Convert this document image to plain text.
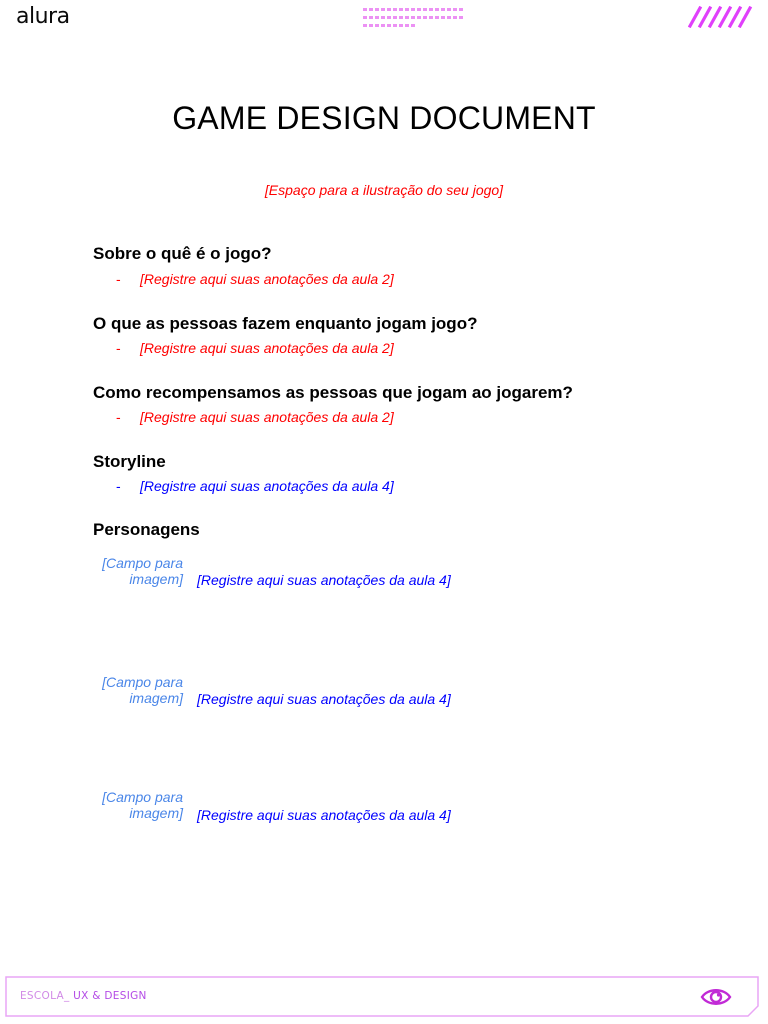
alura
GAME DESIGN DOCUMENT
[Espaço para a ilustração do seu jogo]
Sobre o quê é o jogo?
-	[Registre aqui suas anotações da aula 2]
O que as pessoas fazem enquanto jogam jogo?
-	[Registre aqui suas anotações da aula 2]
Como recompensamos as pessoas que jogam ao jogarem?
-	[Registre aqui suas anotações da aula 2]
Storyline
-	[Registre aqui suas anotações da aula 4]
Personagens
[Campo para
imagem] [Registre aqui suas anotações da aula 4]
[Campo para
imagem] [Registre aqui suas anotações da aula 4]
[Campo para
imagem] [Registre aqui suas anotações da aula 4]
ESCOLA_ UX & DESIGN
